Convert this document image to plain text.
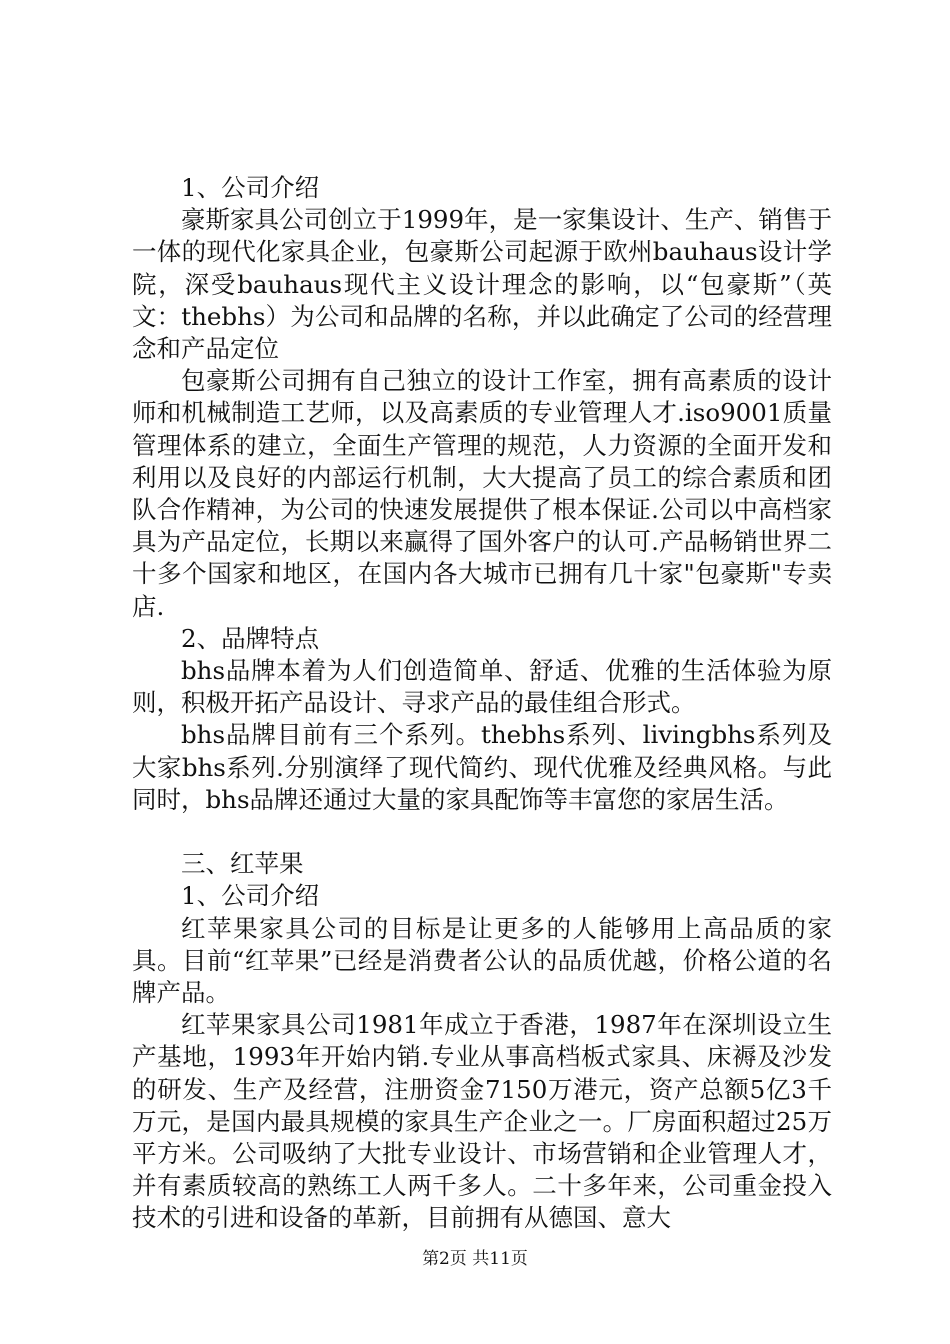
1、公司介绍

豪斯家具公司创立于1999年，是一家集设计、生产、销售于一体的现代化家具企业，包豪斯公司起源于欧州bauhaus设计学院，深受bauhaus现代主义设计理念的影响，以“包豪斯”（英文：thebhs）为公司和品牌的名称，并以此确定了公司的经营理念和产品定位

包豪斯公司拥有自己独立的设计工作室，拥有高素质的设计师和机械制造工艺师，以及高素质的专业管理人才.iso9001质量管理体系的建立，全面生产管理的规范，人力资源的全面开发和利用以及良好的内部运行机制，大大提高了员工的综合素质和团队合作精神，为公司的快速发展提供了根本保证.公司以中高档家具为产品定位，长期以来赢得了国外客户的认可.产品畅销世界二十多个国家和地区，在国内各大城市已拥有几十家"包豪斯"专卖店.

2、品牌特点

bhs品牌本着为人们创造简单、舒适、优雅的生活体验为原则，积极开拓产品设计、寻求产品的最佳组合形式。

bhs品牌目前有三个系列。thebhs系列、livingbhs系列及大家bhs系列.分别演绎了现代简约、现代优雅及经典风格。与此同时，bhs品牌还通过大量的家具配饰等丰富您的家居生活。

三、红苹果

1、公司介绍

红苹果家具公司的目标是让更多的人能够用上高品质的家具。目前“红苹果”已经是消费者公认的品质优越，价格公道的名牌产品。

红苹果家具公司1981年成立于香港，1987年在深圳设立生产基地，1993年开始内销.专业从事高档板式家具、床褥及沙发的研发、生产及经营，注册资金7150万港元，资产总额5亿3千万元，是国内最具规模的家具生产企业之一。厂房面积超过25万平方米。公司吸纳了大批专业设计、市场营销和企业管理人才，并有素质较高的熟练工人两千多人。二十多年来，公司重金投入技术的引进和设备的革新，目前拥有从德国、意大

第2页 共11页
